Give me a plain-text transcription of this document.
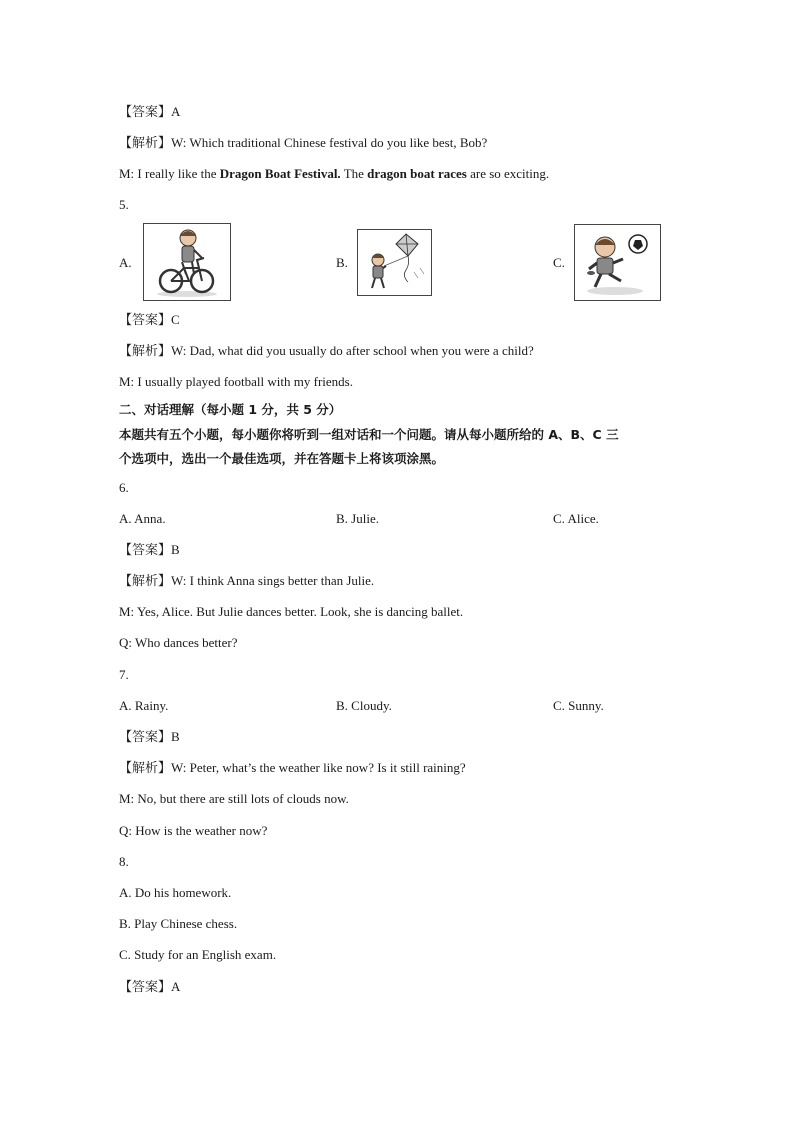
【答案】A
【解析】W: Which traditional Chinese festival do you like best, Bob?
M: I really like the Dragon Boat Festival. The dragon boat races are so exciting.
5.
A.	B.	C.
【答案】C
【解析】W: Dad, what did you usually do after school when you were a child?
M: I usually played football with my friends.
二、对话理解（每小题 1 分，共 5 分）
本题共有五个小题，每小题你将听到一组对话和一个问题。请从每小题所给的 A、B、C 三
个选项中，选出一个最佳选项，并在答题卡上将该项涂黑。
6.
A. Anna.	B. Julie.	C. Alice.
【答案】B
【解析】W: I think Anna sings better than Julie.
M: Yes, Alice. But Julie dances better. Look, she is dancing ballet.
Q: Who dances better?
7.
A. Rainy.	B. Cloudy.	C. Sunny.
【答案】B
【解析】W: Peter, what’s the weather like now? Is it still raining?
M: No, but there are still lots of clouds now.
Q: How is the weather now?
8.
A. Do his homework.
B. Play Chinese chess.
C. Study for an English exam.
【答案】A
